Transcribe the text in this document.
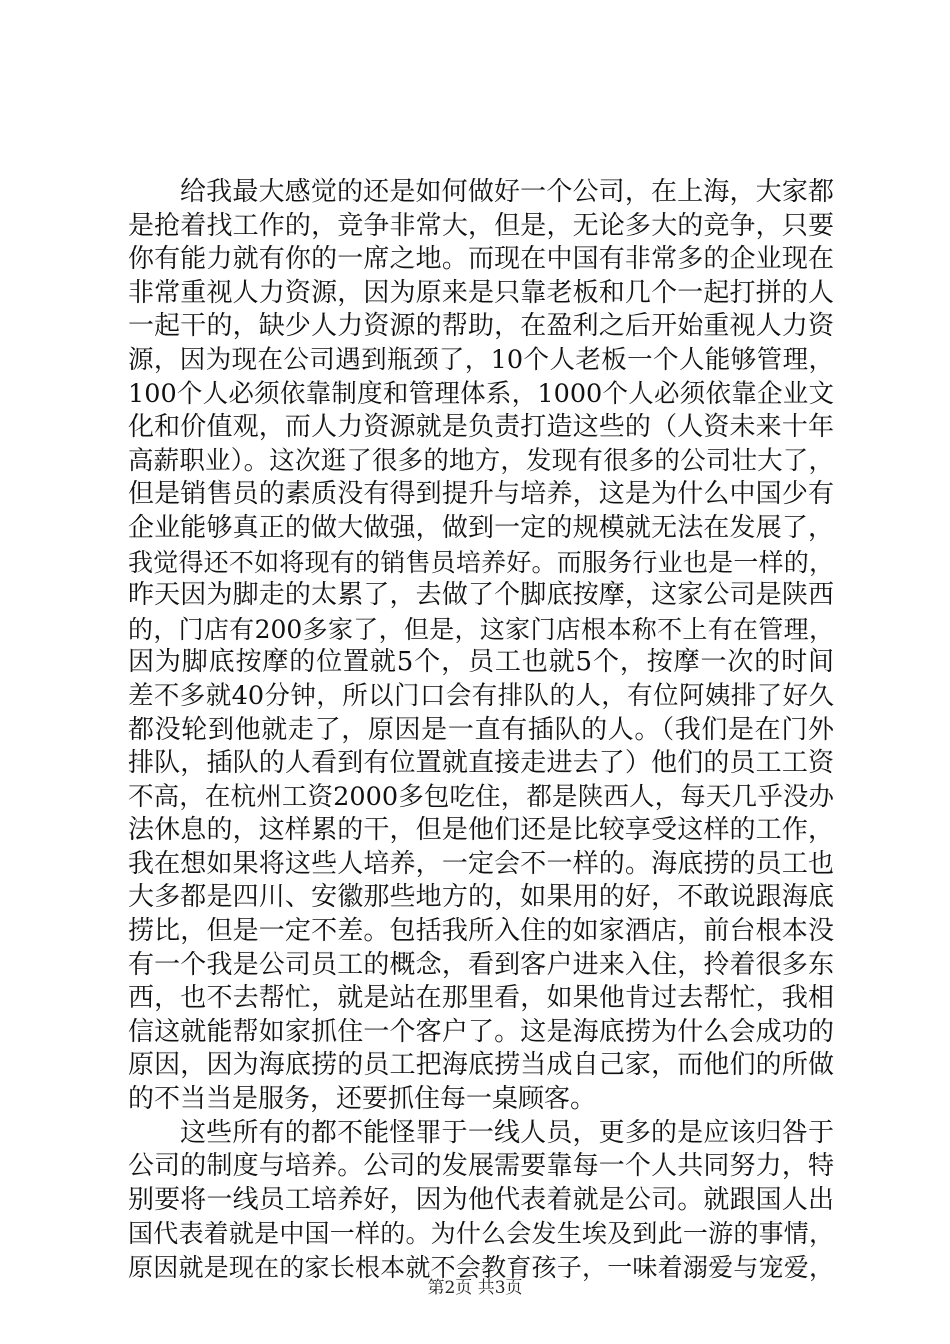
给我最大感觉的还是如何做好一个公司，在上海，大家都
是抢着找工作的，竞争非常大，但是，无论多大的竞争，只要
你有能力就有你的一席之地。而现在中国有非常多的企业现在
非常重视人力资源，因为原来是只靠老板和几个一起打拼的人
一起干的，缺少人力资源的帮助，在盈利之后开始重视人力资
源，因为现在公司遇到瓶颈了，10个人老板一个人能够管理，
100个人必须依靠制度和管理体系，1000个人必须依靠企业文
化和价值观，而人力资源就是负责打造这些的（人资未来十年
高薪职业）。这次逛了很多的地方，发现有很多的公司壮大了，
但是销售员的素质没有得到提升与培养，这是为什么中国少有
企业能够真正的做大做强，做到一定的规模就无法在发展了，
我觉得还不如将现有的销售员培养好。而服务行业也是一样的，
昨天因为脚走的太累了，去做了个脚底按摩，这家公司是陕西
的，门店有200多家了，但是，这家门店根本称不上有在管理，
因为脚底按摩的位置就5个，员工也就5个，按摩一次的时间
差不多就40分钟，所以门口会有排队的人，有位阿姨排了好久
都没轮到他就走了，原因是一直有插队的人。（我们是在门外
排队，插队的人看到有位置就直接走进去了）他们的员工工资
不高，在杭州工资2000多包吃住，都是陕西人，每天几乎没办
法休息的，这样累的干，但是他们还是比较享受这样的工作，
我在想如果将这些人培养，一定会不一样的。海底捞的员工也
大多都是四川、安徽那些地方的，如果用的好，不敢说跟海底
捞比，但是一定不差。包括我所入住的如家酒店，前台根本没
有一个我是公司员工的概念，看到客户进来入住，拎着很多东
西，也不去帮忙，就是站在那里看，如果他肯过去帮忙，我相
信这就能帮如家抓住一个客户了。这是海底捞为什么会成功的
原因，因为海底捞的员工把海底捞当成自己家，而他们的所做
的不当当是服务，还要抓住每一桌顾客。
这些所有的都不能怪罪于一线人员，更多的是应该归咎于
公司的制度与培养。公司的发展需要靠每一个人共同努力，特
别要将一线员工培养好，因为他代表着就是公司。就跟国人出
国代表着就是中国一样的。为什么会发生埃及到此一游的事情，
原因就是现在的家长根本就不会教育孩子，一味着溺爱与宠爱，
第2页 共3页
